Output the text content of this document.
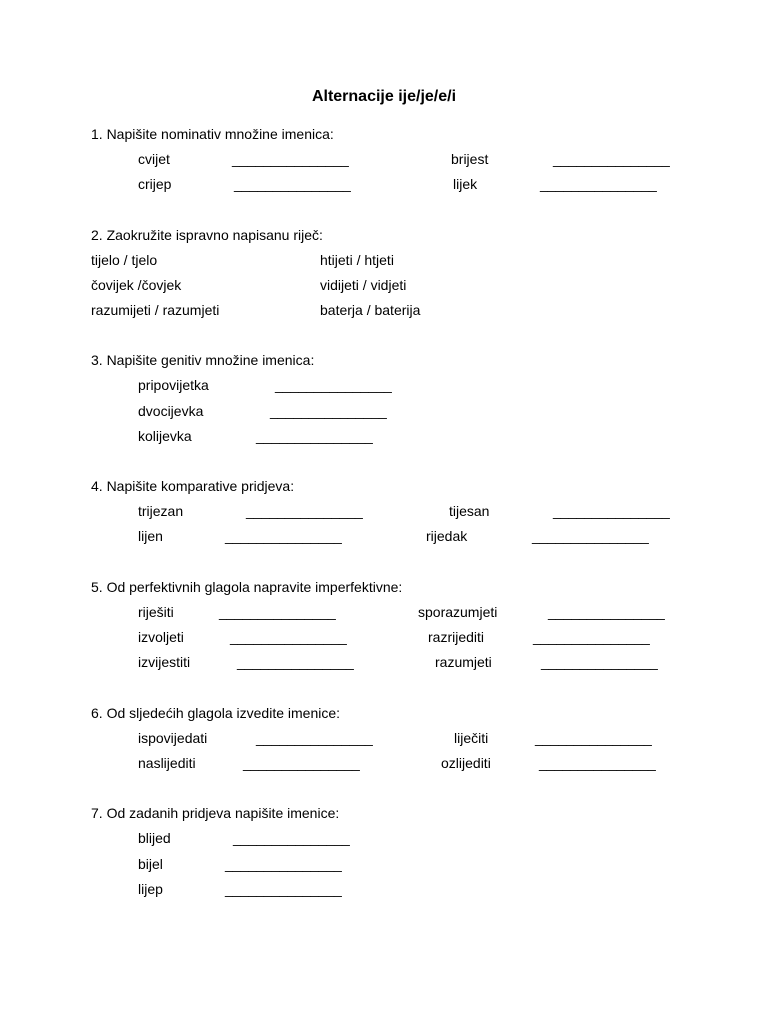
Alternacije ije/je/e/i
1. Napišite nominativ množine imenica:
cvijet	_______________	brijest	_______________
crijep	_______________	lijek	_______________
2. Zaokružite ispravno napisanu riječ:
tijelo / tjelo	htijeti / htjeti
čovijek /čovjek	vidijeti / vidjeti
razumijeti / razumjeti	baterja / baterija
3. Napišite genitiv množine imenica:
pripovijetka	_______________
dvocijevka	_______________
kolijevka	_______________
4. Napišite komparative pridjeva:
trijezan	_______________	tijesan	_______________
lijen	_______________	rijedak	_______________
5. Od perfektivnih glagola napravite imperfektivne:
riješiti	_______________	sporazumjeti	_______________
izvoljeti	_______________	razrijediti	_______________
izvijestiti	_______________	razumjeti	_______________
6. Od sljedećih glagola izvedite imenice:
ispovijedati	_______________	liječiti	_______________
naslijediti	_______________	ozlijediti	_______________
7. Od zadanih pridjeva napišite imenice:
blijed	_______________
bijel	_______________
lijep	_______________
